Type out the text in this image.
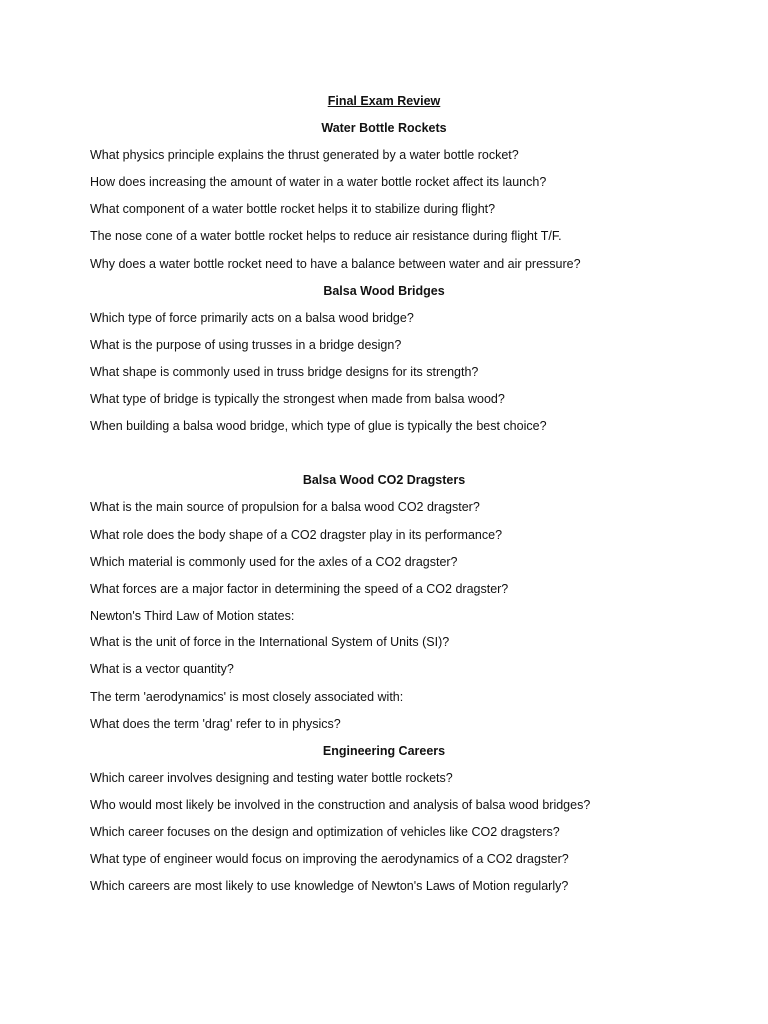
Final Exam Review
Water Bottle Rockets
What physics principle explains the thrust generated by a water bottle rocket?
How does increasing the amount of water in a water bottle rocket affect its launch?
What component of a water bottle rocket helps it to stabilize during flight?
The nose cone of a water bottle rocket helps to reduce air resistance during flight T/F.
Why does a water bottle rocket need to have a balance between water and air pressure?
Balsa Wood Bridges
Which type of force primarily acts on a balsa wood bridge?
What is the purpose of using trusses in a bridge design?
What shape is commonly used in truss bridge designs for its strength?
What type of bridge is typically the strongest when made from balsa wood?
When building a balsa wood bridge, which type of glue is typically the best choice?
Balsa Wood CO2 Dragsters
What is the main source of propulsion for a balsa wood CO2 dragster?
What role does the body shape of a CO2 dragster play in its performance?
Which material is commonly used for the axles of a CO2 dragster?
What forces are a major factor in determining the speed of a CO2 dragster?
Newton's Third Law of Motion states:
What is the unit of force in the International System of Units (SI)?
What is a vector quantity?
The term 'aerodynamics' is most closely associated with:
What does the term 'drag' refer to in physics?
Engineering Careers
Which career involves designing and testing water bottle rockets?
Who would most likely be involved in the construction and analysis of balsa wood bridges?
Which career focuses on the design and optimization of vehicles like CO2 dragsters?
What type of engineer would focus on improving the aerodynamics of a CO2 dragster?
Which careers are most likely to use knowledge of Newton's Laws of Motion regularly?
